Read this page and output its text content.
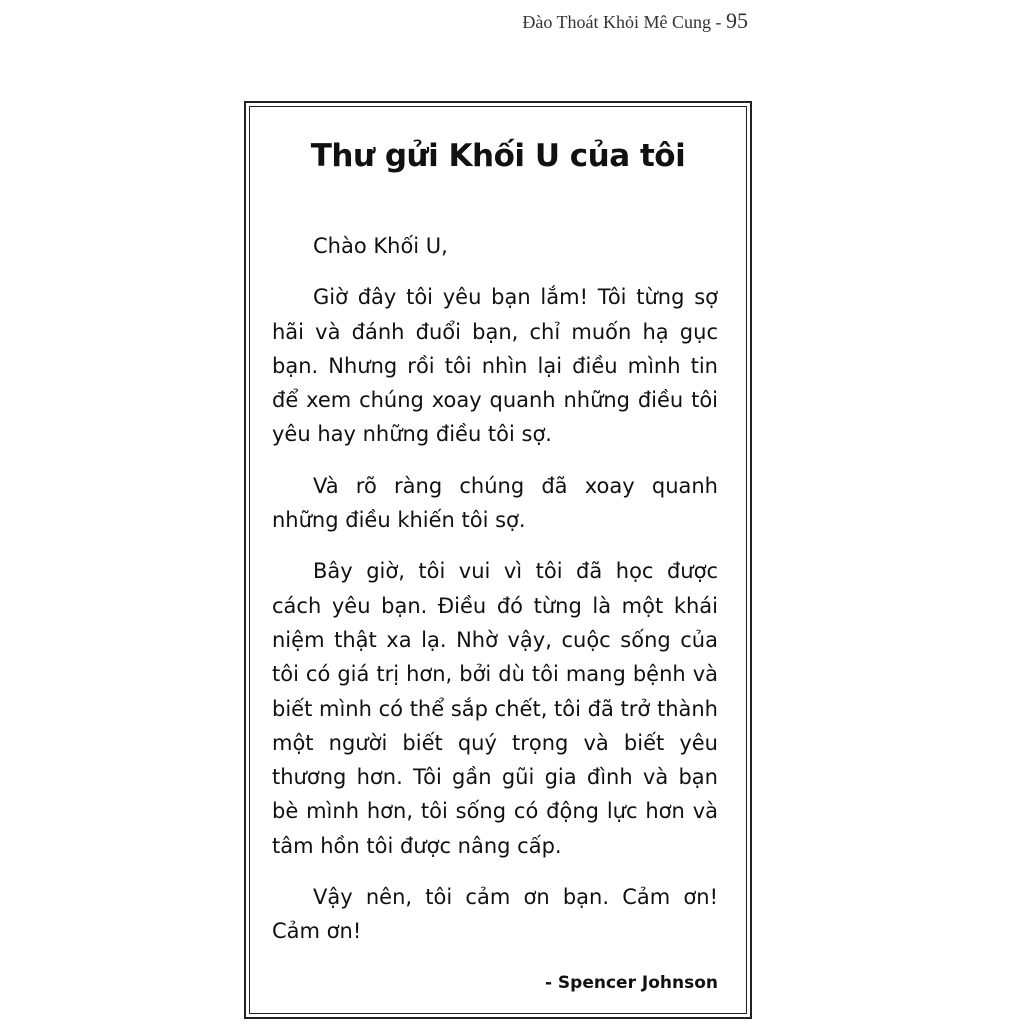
Đào Thoát Khỏi Mê Cung - 95
Thư gửi Khối U của tôi

Chào Khối U,

Giờ đây tôi yêu bạn lắm! Tôi từng sợ hãi và đánh đuổi bạn, chỉ muốn hạ gục bạn. Nhưng rồi tôi nhìn lại điều mình tin để xem chúng xoay quanh những điều tôi yêu hay những điều tôi sợ.

Và rõ ràng chúng đã xoay quanh những điều khiến tôi sợ.

Bây giờ, tôi vui vì tôi đã học được cách yêu bạn. Điều đó từng là một khái niệm thật xa lạ. Nhờ vậy, cuộc sống của tôi có giá trị hơn, bởi dù tôi mang bệnh và biết mình có thể sắp chết, tôi đã trở thành một người biết quý trọng và biết yêu thương hơn. Tôi gần gũi gia đình và bạn bè mình hơn, tôi sống có động lực hơn và tâm hồn tôi được nâng cấp.

Vậy nên, tôi cảm ơn bạn. Cảm ơn! Cảm ơn!

- Spencer Johnson
